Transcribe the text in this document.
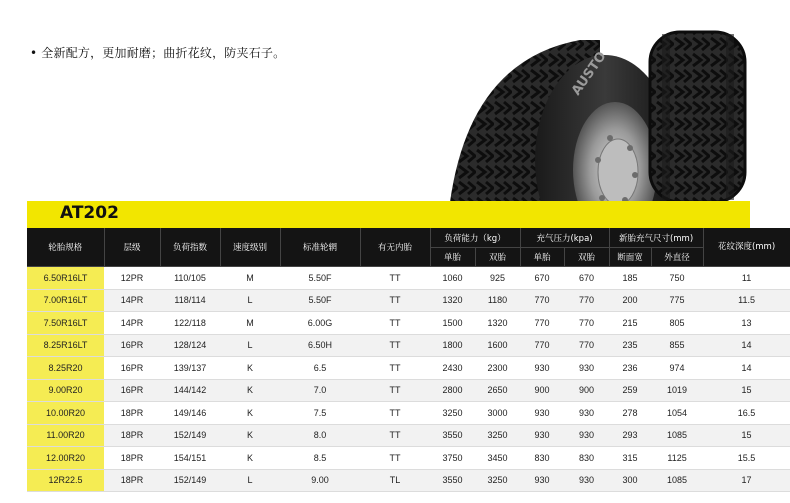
• 全新配方，更加耐磨；曲折花纹，防夹石子。	AUSTO
AT202
轮胎规格	层级	负荷指数	速度级别	标准轮辋	有无内胎	负荷能力（kg）		充气压力(kpa)		新胎充气尺寸(mm)		花纹深度(mm)
						单胎	双胎	单胎	双胎	断面宽	外直径	
6.50R16LT	12PR	110/105	M	5.50F	TT	1060	925	670	670	185	750	11
7.00R16LT	14PR	118/114	L	5.50F	TT	1320	1180	770	770	200	775	11.5
7.50R16LT	14PR	122/118	M	6.00G	TT	1500	1320	770	770	215	805	13
8.25R16LT	16PR	128/124	L	6.50H	TT	1800	1600	770	770	235	855	14
8.25R20	16PR	139/137	K	6.5	TT	2430	2300	930	930	236	974	14
9.00R20	16PR	144/142	K	7.0	TT	2800	2650	900	900	259	1019	15
10.00R20	18PR	149/146	K	7.5	TT	3250	3000	930	930	278	1054	16.5
11.00R20	18PR	152/149	K	8.0	TT	3550	3250	930	930	293	1085	15
12.00R20	18PR	154/151	K	8.5	TT	3750	3450	830	830	315	1125	15.5
12R22.5	18PR	152/149	L	9.00	TL	3550	3250	930	930	300	1085	17
